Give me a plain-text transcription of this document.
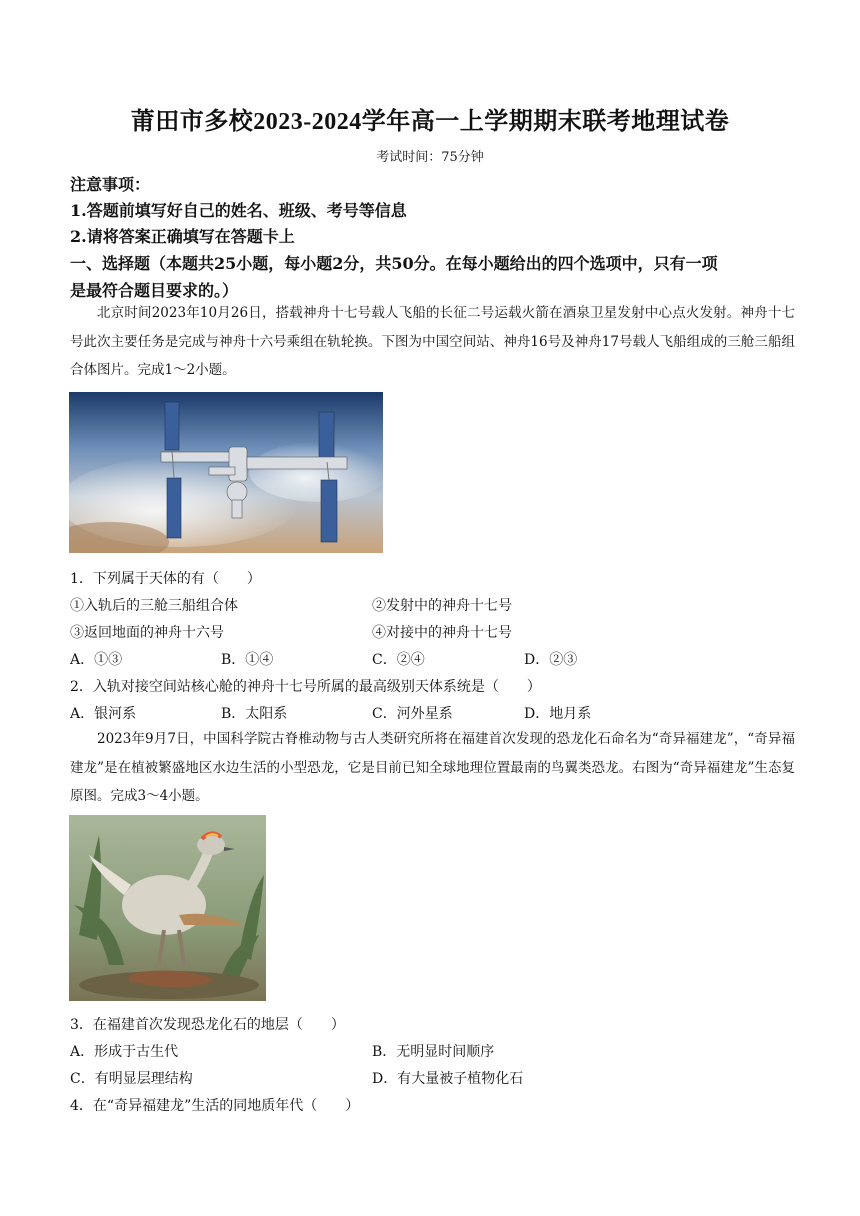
莆田市多校2023-2024学年高一上学期期末联考地理试卷
考试时间：75分钟
注意事项：
1.答题前填写好自己的姓名、班级、考号等信息
2.请将答案正确填写在答题卡上
一、选择题（本题共25小题，每小题2分，共50分。在每小题给出的四个选项中，只有一项
是最符合题目要求的。）
北京时间2023年10月26日，搭载神舟十七号载人飞船的长征二号运载火箭在酒泉卫星发射中心点火发射。神舟十七号此次主要任务是完成与神舟十六号乘组在轨轮换。下图为中国空间站、神舟16号及神舟17号载人飞船组成的三舱三船组合体图片。完成1～2小题。
1．下列属于天体的有（　　）
①入轨后的三舱三船组合体	②发射中的神舟十七号
③返回地面的神舟十六号	④对接中的神舟十七号
A．①③	B．①④	C．②④	D．②③
2．入轨对接空间站核心舱的神舟十七号所属的最高级别天体系统是（　　）
A．银河系	B．太阳系	C．河外星系	D．地月系
2023年9月7日，中国科学院古脊椎动物与古人类研究所将在福建首次发现的恐龙化石命名为“奇异福建龙”，“奇异福建龙”是在植被繁盛地区水边生活的小型恐龙，它是目前已知全球地理位置最南的鸟翼类恐龙。右图为“奇异福建龙”生态复原图。完成3～4小题。
3．在福建首次发现恐龙化石的地层（　　）
A．形成于古生代	B．无明显时间顺序
C．有明显层理结构	D．有大量被子植物化石
4．在“奇异福建龙”生活的同地质年代（　　）
